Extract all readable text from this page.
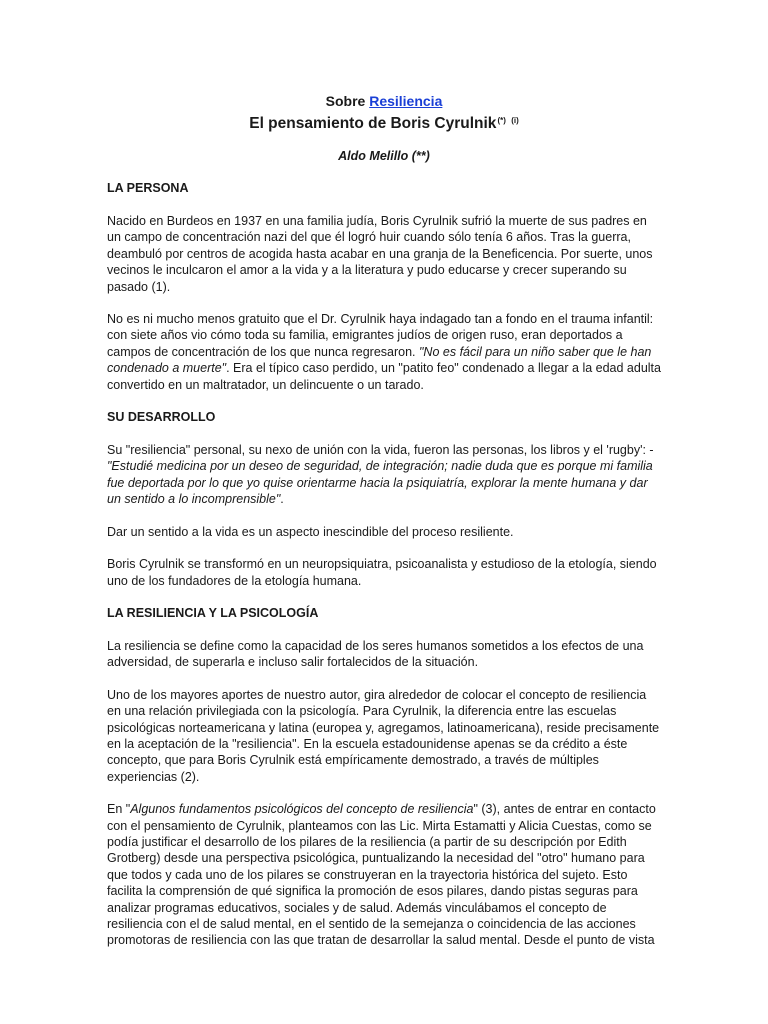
Sobre Resiliencia
El pensamiento de Boris Cyrulnik(*) $^{(i)}$
Aldo Melillo (**)
LA PERSONA

Nacido en Burdeos en 1937 en una familia judía, Boris Cyrulnik sufrió la muerte de sus padres en un campo de concentración nazi del que él logró huir cuando sólo tenía 6 años. Tras la guerra, deambuló por centros de acogida hasta acabar en una granja de la Beneficencia. Por suerte, unos vecinos le inculcaron el amor a la vida y a la literatura y pudo educarse y crecer superando su pasado (1).

No es ni mucho menos gratuito que el Dr. Cyrulnik haya indagado tan a fondo en el trauma infantil: con siete años vio cómo toda su familia, emigrantes judíos de origen ruso, eran deportados a campos de concentración de los que nunca regresaron. "No es fácil para un niño saber que le han condenado a muerte". Era el típico caso perdido, un "patito feo" condenado a llegar a la edad adulta convertido en un maltratador, un delincuente o un tarado.

SU DESARROLLO

Su "resiliencia" personal, su nexo de unión con la vida, fueron las personas, los libros y el 'rugby': -"Estudié medicina por un deseo de seguridad, de integración; nadie duda que es porque mi familia fue deportada por lo que yo quise orientarme hacia la psiquiatría, explorar la mente humana y dar un sentido a lo incomprensible".

Dar un sentido a la vida es un aspecto inescindible del proceso resiliente.

Boris Cyrulnik se transformó en un neuropsiquiatra, psicoanalista y estudioso de la etología, siendo uno de los fundadores de la etología humana.

LA RESILIENCIA Y LA PSICOLOGÍA

La resiliencia se define como la capacidad de los seres humanos sometidos a los efectos de una adversidad, de superarla e incluso salir fortalecidos de la situación.

Uno de los mayores aportes de nuestro autor, gira alrededor de colocar el concepto de resiliencia en una relación privilegiada con la psicología. Para Cyrulnik, la diferencia entre las escuelas psicológicas norteamericana y latina (europea y, agregamos, latinoamericana), reside precisamente en la aceptación de la "resiliencia". En la escuela estadounidense apenas se da crédito a éste concepto, que para Boris Cyrulnik está empíricamente demostrado, a través de múltiples experiencias (2).

En "Algunos fundamentos psicológicos del concepto de resiliencia" (3), antes de entrar en contacto con el pensamiento de Cyrulnik, planteamos con las Lic. Mirta Estamatti y Alicia Cuestas, como se podía justificar el desarrollo de los pilares de la resiliencia (a partir de su descripción por Edith Grotberg) desde una perspectiva psicológica, puntualizando la necesidad del "otro" humano para que todos y cada uno de los pilares se construyeran en la trayectoria histórica del sujeto. Esto facilita la comprensión de qué significa la promoción de esos pilares, dando pistas seguras para analizar programas educativos, sociales y de salud. Además vinculábamos el concepto de resiliencia con el de salud mental, en el sentido de la semejanza o coincidencia de las acciones promotoras de resiliencia con las que tratan de desarrollar la salud mental. Desde el punto de vista
